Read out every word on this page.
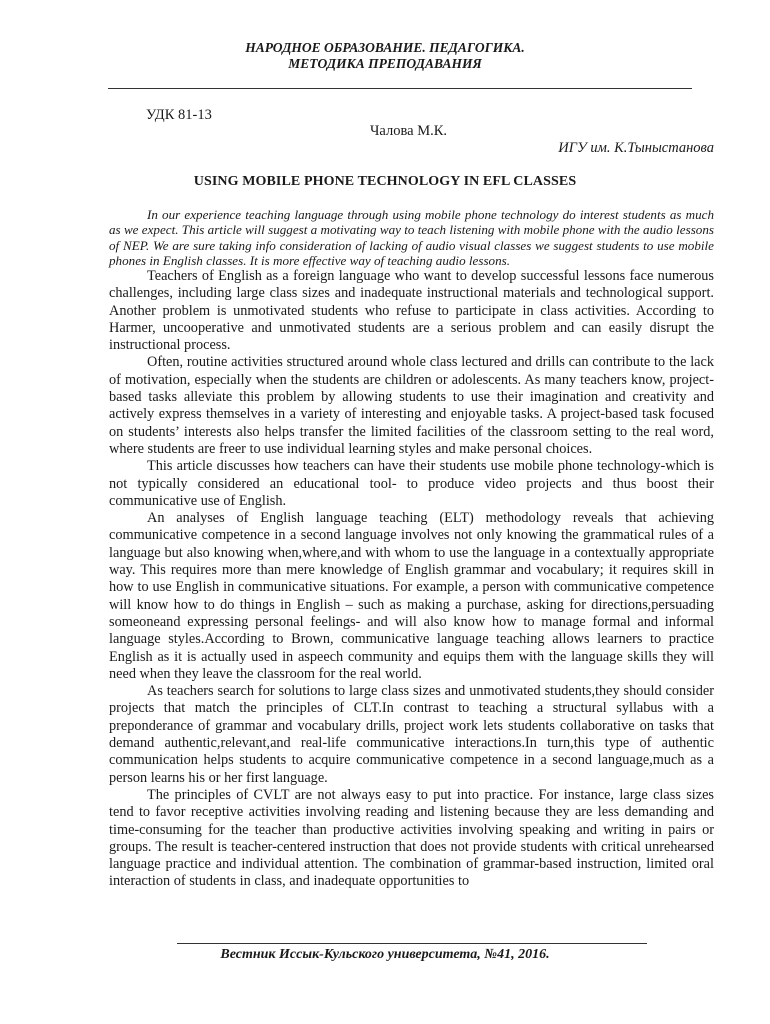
НАРОДНОЕ ОБРАЗОВАНИЕ. ПЕДАГОГИКА.
МЕТОДИКА ПРЕПОДАВАНИЯ
УДК 81-13
Чалова М.К.
ИГУ им. К.Тыныстанова
USING MOBILE PHONE TECHNOLOGY IN EFL CLASSES

In our experience teaching language through using mobile phone technology do interest students as much as we expect. This article will suggest a motivating way to teach listening with mobile phone with the audio lessons of NEP. We are sure taking info consideration of lacking of audio visual classes we suggest students to use mobile phones in English classes. It is more effective way of teaching audio lessons.

Teachers of English as a foreign language who want to develop successful lessons face numerous challenges, including large class sizes and inadequate instructional materials and technological support. Another problem is unmotivated students who refuse to participate in class activities. According to Harmer, uncooperative and unmotivated students are a serious problem and can easily disrupt the instructional process.

Often, routine activities structured around whole class lectured and drills can contribute to the lack of motivation, especially when the students are children or adolescents. As many teachers know, project-based tasks alleviate this problem by allowing students to use their imagination and creativity and actively express themselves in a variety of interesting and enjoyable tasks. A project-based task focused on students’ interests also helps transfer the limited facilities of the classroom setting to the real word, where students are freer to use individual learning styles and make personal choices.

This article discusses how teachers can have their students use mobile phone technology-which is not typically considered an educational tool- to produce video projects and thus boost their communicative use of English.

An analyses of English language teaching (ELT) methodology reveals that achieving communicative competence in a second language involves not only knowing the grammatical rules of a language but also knowing when,where,and with whom to use the language in a contextually appropriate way. This requires more than mere knowledge of English grammar and vocabulary; it requires skill in how to use English in communicative situations. For example, a person with communicative competence will know how to do things in English – such as making a purchase, asking for directions,persuading someoneand expressing personal feelings- and will also know how to manage formal and informal language styles.According to Brown, communicative language teaching allows learners to practice English as it is actually used in aspeech community and equips them with the language skills they will need when they leave the classroom for the real world.

As teachers search for solutions to large class sizes and unmotivated students,they should consider projects that match the principles of CLT.In contrast to teaching a structural syllabus with a preponderance of grammar and vocabulary drills, project work lets students collaborative on tasks that demand authentic,relevant,and real-life communicative interactions.In turn,this type of authentic communication helps students to acquire communicative competence in a second language,much as a person learns his or her first language.

The principles of CVLT are not always easy to put into practice. For instance, large class sizes tend to favor receptive activities involving reading and listening because they are less demanding and time-consuming for the teacher than productive activities involving speaking and writing in pairs or groups. The result is teacher-centered instruction that does not provide students with critical unrehearsed language practice and individual attention. The combination of grammar-based instruction, limited oral interaction of students in class, and inadequate opportunities to

Вестник Иссык-Кульского университета, №41, 2016.
